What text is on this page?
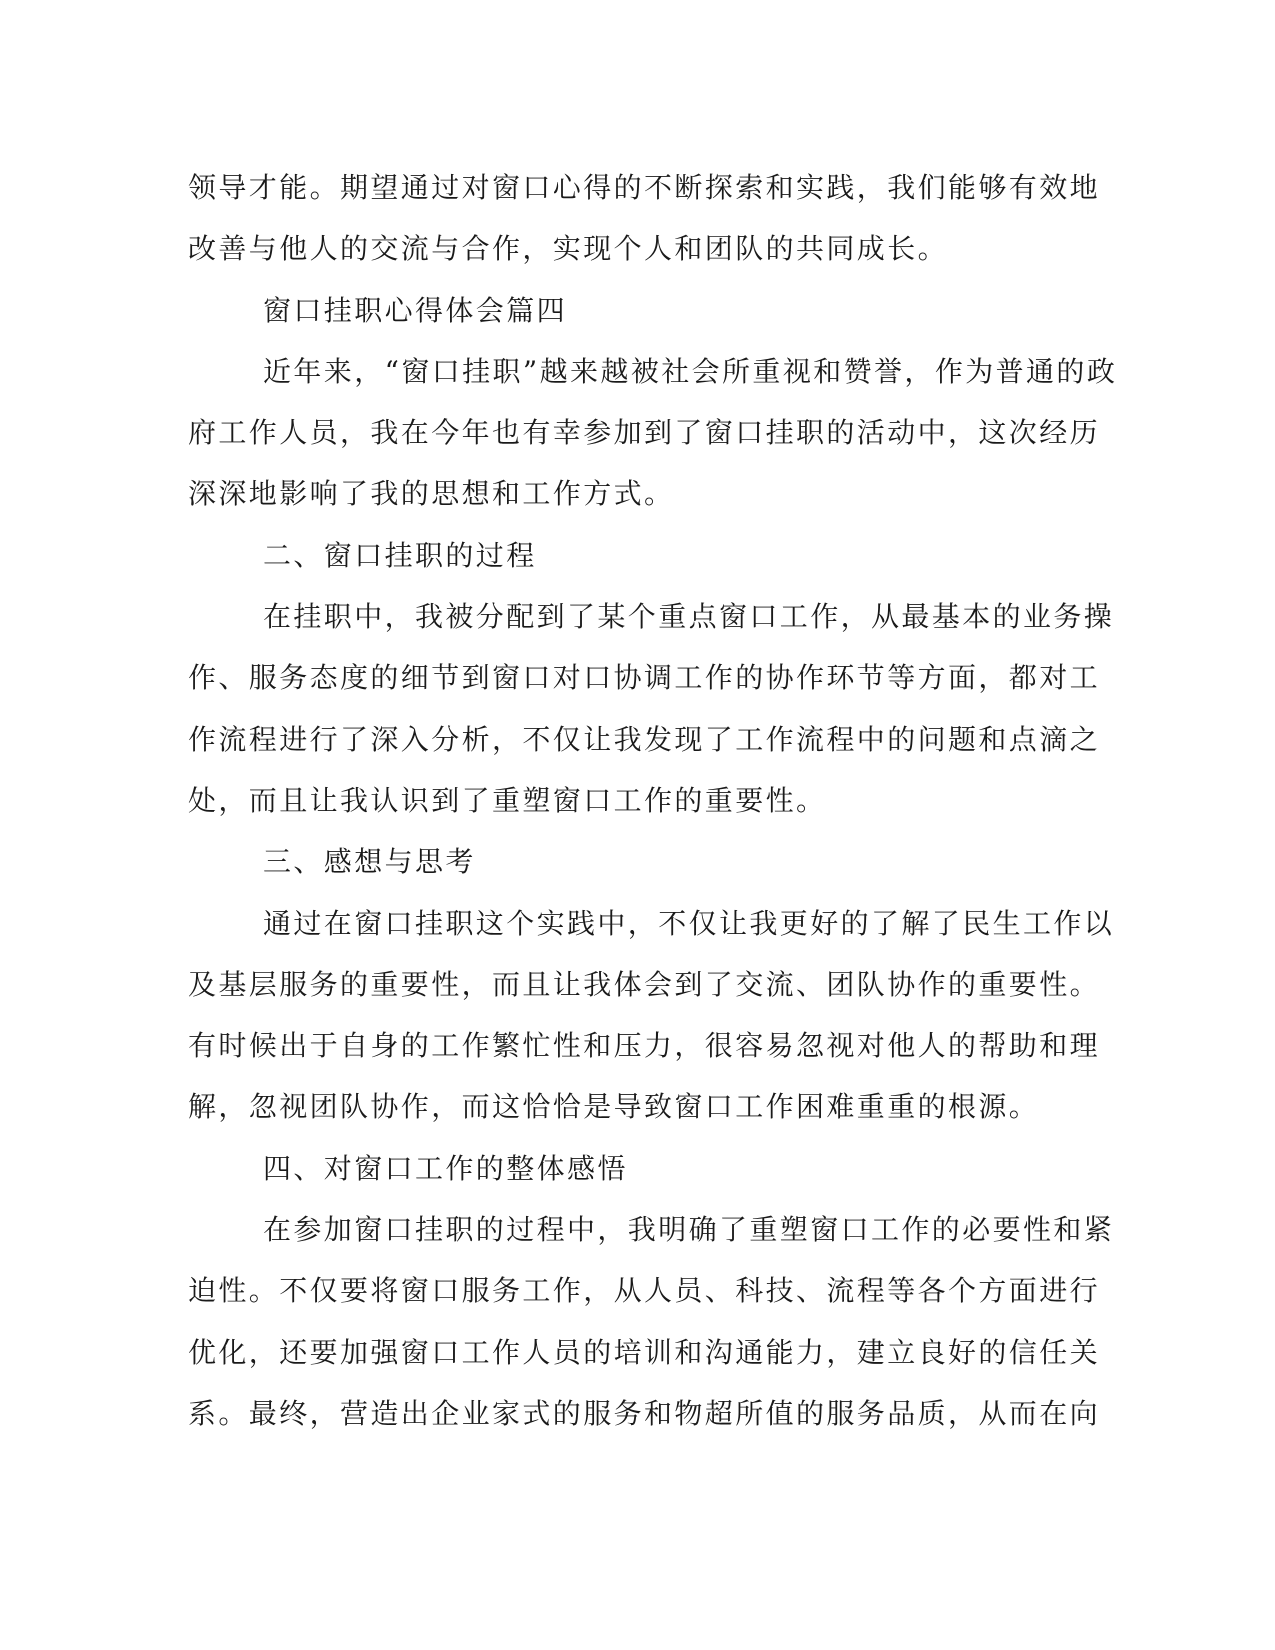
领导才能。期望通过对窗口心得的不断探索和实践，我们能够有效地
改善与他人的交流与合作，实现个人和团队的共同成长。
窗口挂职心得体会篇四
近年来，“窗口挂职”越来越被社会所重视和赞誉，作为普通的政
府工作人员，我在今年也有幸参加到了窗口挂职的活动中，这次经历
深深地影响了我的思想和工作方式。
二、窗口挂职的过程
在挂职中，我被分配到了某个重点窗口工作，从最基本的业务操
作、服务态度的细节到窗口对口协调工作的协作环节等方面，都对工
作流程进行了深入分析，不仅让我发现了工作流程中的问题和点滴之
处，而且让我认识到了重塑窗口工作的重要性。
三、感想与思考
通过在窗口挂职这个实践中，不仅让我更好的了解了民生工作以
及基层服务的重要性，而且让我体会到了交流、团队协作的重要性。
有时候出于自身的工作繁忙性和压力，很容易忽视对他人的帮助和理
解，忽视团队协作，而这恰恰是导致窗口工作困难重重的根源。
四、对窗口工作的整体感悟
在参加窗口挂职的过程中，我明确了重塑窗口工作的必要性和紧
迫性。不仅要将窗口服务工作，从人员、科技、流程等各个方面进行
优化，还要加强窗口工作人员的培训和沟通能力，建立良好的信任关
系。最终，营造出企业家式的服务和物超所值的服务品质，从而在向
